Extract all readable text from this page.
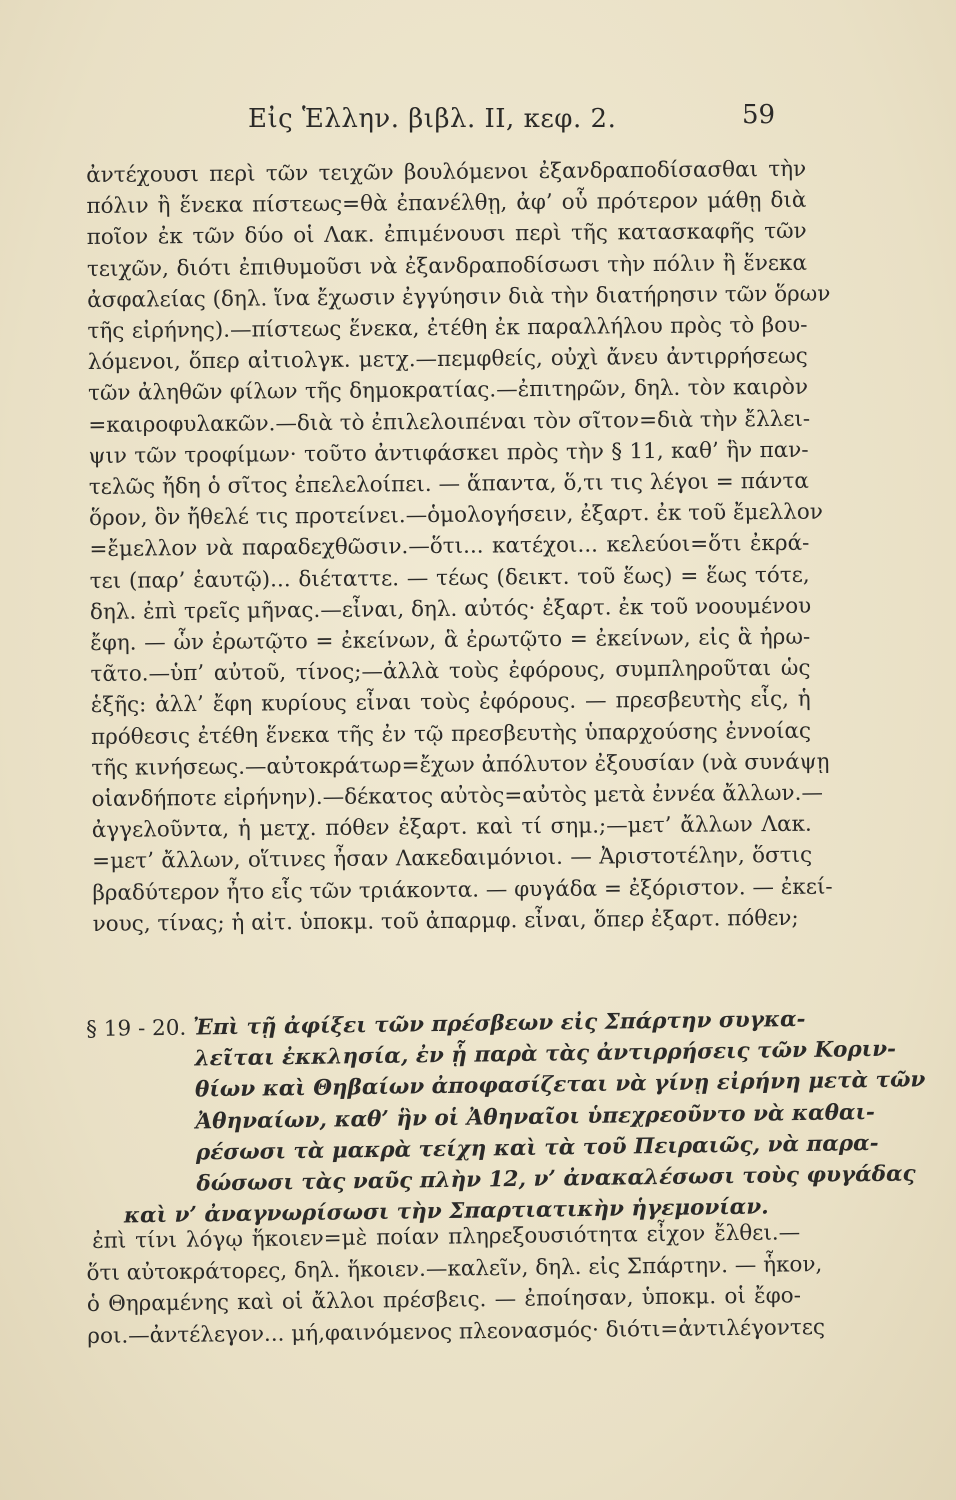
Εἰς Ἑλλην. βιβλ. II, κεφ. 2.	59
ἀντέχουσι περὶ τῶν τειχῶν βουλόμενοι ἐξανδραποδίσασθαι τὴν
πόλιν ἢ ἕνεκα πίστεως=θὰ ἐπανέλθῃ, ἀφ’ οὗ πρότερον μάθῃ διὰ
ποῖον ἐκ τῶν δύο οἱ Λακ. ἐπιμένουσι περὶ τῆς κατασκαφῆς τῶν
τειχῶν, διότι ἐπιθυμοῦσι νὰ ἐξανδραποδίσωσι τὴν πόλιν ἢ ἕνεκα
ἀσφαλείας (δηλ. ἵνα ἔχωσιν ἐγγύησιν διὰ τὴν διατήρησιν τῶν ὅρων
τῆς εἰρήνης).—πίστεως ἕνεκα, ἐτέθη ἐκ παραλλήλου πρὸς τὸ βου-
λόμενοι, ὅπερ αἰτιολγκ. μετχ.—πεμφθείς, οὐχὶ ἄνευ ἀντιρρήσεως
τῶν ἀληθῶν φίλων τῆς δημοκρατίας.—ἐπιτηρῶν, δηλ. τὸν καιρὸν
=καιροφυλακῶν.—διὰ τὸ ἐπιλελοιπέναι τὸν σῖτον=διὰ τὴν ἔλλει-
ψιν τῶν τροφίμων· τοῦτο ἀντιφάσκει πρὸς τὴν § 11, καθ’ ἣν παν-
τελῶς ἤδη ὁ σῖτος ἐπελελοίπει. — ἅπαντα, ὅ,τι τις λέγοι = πάντα
ὅρον, ὃν ἤθελέ τις προτείνει.—ὁμολογήσειν, ἐξαρτ. ἐκ τοῦ ἔμελλον
=ἔμελλον νὰ παραδεχθῶσιν.—ὅτι... κατέχοι... κελεύοι=ὅτι ἐκρά-
τει (παρ’ ἑαυτῷ)... διέταττε. — τέως (δεικτ. τοῦ ἕως) = ἕως τότε,
δηλ. ἐπὶ τρεῖς μῆνας.—εἶναι, δηλ. αὐτός· ἐξαρτ. ἐκ τοῦ νοουμένου
ἔφη. — ὧν ἐρωτῷτο = ἐκείνων, ἃ ἐρωτῷτο = ἐκείνων, εἰς ἃ ἠρω-
τᾶτο.—ὑπ’ αὐτοῦ, τίνος;—ἀλλὰ τοὺς ἐφόρους, συμπληροῦται ὡς
ἑξῆς: ἀλλ’ ἔφη κυρίους εἶναι τοὺς ἐφόρους. — πρεσβευτὴς εἷς, ἡ
πρόθεσις ἐτέθη ἕνεκα τῆς ἐν τῷ πρεσβευτὴς ὑπαρχούσης ἐννοίας
τῆς κινήσεως.—αὐτοκράτωρ=ἔχων ἀπόλυτον ἐξουσίαν (νὰ συνάψῃ
οἱανδήποτε εἰρήνην).—δέκατος αὐτὸς=αὐτὸς μετὰ ἐννέα ἄλλων.—
ἀγγελοῦντα, ἡ μετχ. πόθεν ἐξαρτ. καὶ τί σημ.;—μετ’ ἄλλων Λακ.
=μετ’ ἄλλων, οἵτινες ἦσαν Λακεδαιμόνιοι. — Ἀριστοτέλην, ὅστις
βραδύτερον ἦτο εἷς τῶν τριάκοντα. — φυγάδα = ἐξόριστον. — ἐκεί-
νους, τίνας; ἡ αἰτ. ὑποκμ. τοῦ ἀπαρμφ. εἶναι, ὅπερ ἐξαρτ. πόθεν;
§ 19 - 20. Ἐπὶ τῇ ἀφίξει τῶν πρέσβεων εἰς Σπάρτην συγκα-
λεῖται ἐκκλησία, ἐν ᾗ παρὰ τὰς ἀντιρρήσεις τῶν Κοριν-
θίων καὶ Θηβαίων ἀποφασίζεται νὰ γίνῃ εἰρήνη μετὰ τῶν
Ἀθηναίων, καθ’ ἣν οἱ Ἀθηναῖοι ὑπεχρεοῦντο νὰ καθαι-
ρέσωσι τὰ μακρὰ τείχη καὶ τὰ τοῦ Πειραιῶς, νὰ παρα-
δώσωσι τὰς ναῦς πλὴν 12, ν’ ἀνακαλέσωσι τοὺς φυγάδας
καὶ ν’ ἀναγνωρίσωσι τὴν Σπαρτιατικὴν ἡγεμονίαν.
ἐπὶ τίνι λόγῳ ἥκοιεν=μὲ ποίαν πληρεξουσιότητα εἶχον ἔλθει.—
ὅτι αὐτοκράτορες, δηλ. ἥκοιεν.—καλεῖν, δηλ. εἰς Σπάρτην. — ἧκον,
ὁ Θηραμένης καὶ οἱ ἄλλοι πρέσβεις. — ἐποίησαν, ὑποκμ. οἱ ἔφο-
ροι.—ἀντέλεγον... μή,φαινόμενος πλεονασμός· διότι=ἀντιλέγοντες
